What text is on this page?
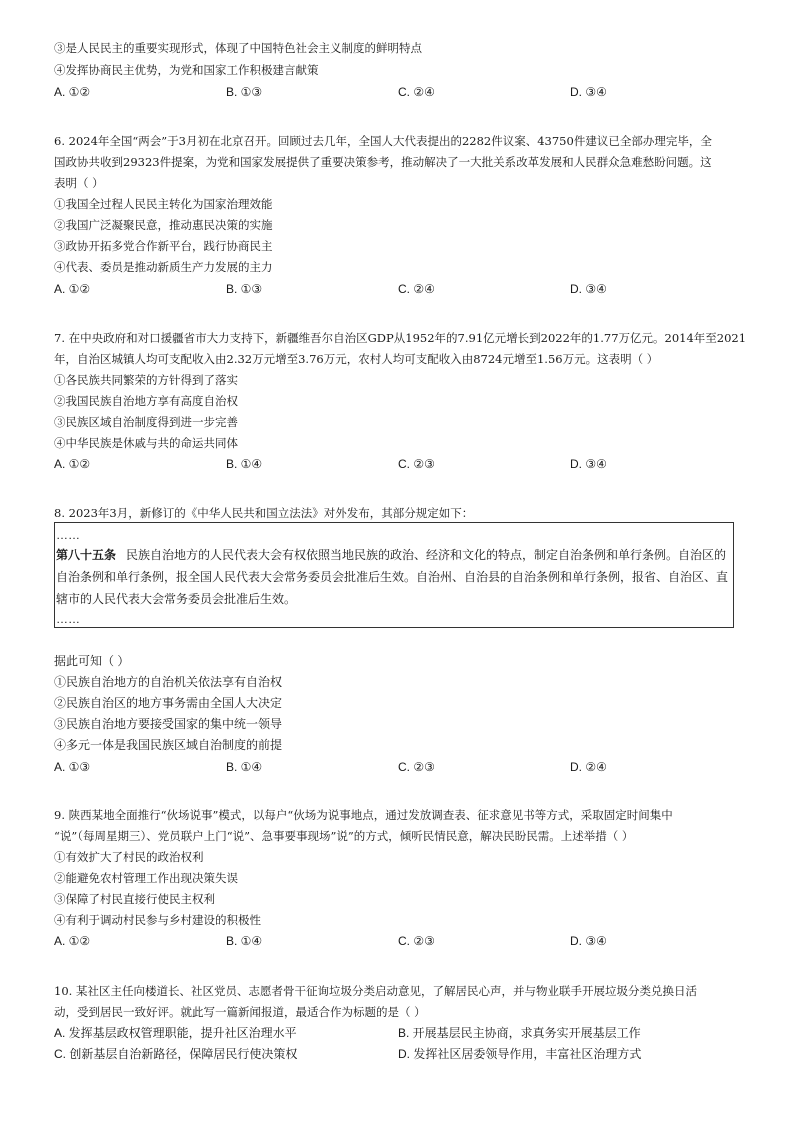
③是人民民主的重要实现形式，体现了中国特色社会主义制度的鲜明特点
④发挥协商民主优势，为党和国家工作积极建言献策
A. ①②	B. ①③	C. ②④	D. ③④
6. 2024年全国“两会”于3月初在北京召开。回顾过去几年，全国人大代表提出的2282件议案、43750件建议已全部办理完毕，全
国政协共收到29323件提案，为党和国家发展提供了重要决策参考，推动解决了一大批关系改革发展和人民群众急难愁盼问题。这
表明（ ）
①我国全过程人民民主转化为国家治理效能
②我国广泛凝聚民意，推动惠民决策的实施
③政协开拓多党合作新平台，践行协商民主
④代表、委员是推动新质生产力发展的主力
A. ①②	B. ①③	C. ②④	D. ③④
7. 在中央政府和对口援疆省市大力支持下，新疆维吾尔自治区GDP从1952年的7.91亿元增长到2022年的1.77万亿元。2014年至2021
年，自治区城镇人均可支配收入由2.32万元增至3.76万元，农村人均可支配收入由8724元增至1.56万元。这表明（ ）
①各民族共同繁荣的方针得到了落实
②我国民族自治地方享有高度自治权
③民族区域自治制度得到进一步完善
④中华民族是休戚与共的命运共同体
A. ①②	B. ①④	C. ②③	D. ③④
8. 2023年3月，新修订的《中华人民共和国立法法》对外发布，其部分规定如下：
……
第八十五条 民族自治地方的人民代表大会有权依照当地民族的政治、经济和文化的特点，制定自治条例和单行条例。自治区的
自治条例和单行条例，报全国人民代表大会常务委员会批准后生效。自治州、自治县的自治条例和单行条例，报省、自治区、直
辖市的人民代表大会常务委员会批准后生效。
……
据此可知（ ）
①民族自治地方的自治机关依法享有自治权
②民族自治区的地方事务需由全国人大决定
③民族自治地方要接受国家的集中统一领导
④多元一体是我国民族区域自治制度的前提
A. ①③	B. ①④	C. ②③	D. ②④
9. 陕西某地全面推行“伙场说事”模式，以每户“伙场为说事地点，通过发放调查表、征求意见书等方式，采取固定时间集中
“说”（每周星期三）、党员联户上门“说”、急事要事现场”说”的方式，倾听民情民意，解决民盼民需。上述举措（ ）
①有效扩大了村民的政治权利
②能避免农村管理工作出现决策失误
③保障了村民直接行使民主权利
④有利于调动村民参与乡村建设的积极性
A. ①②	B. ①④	C. ②③	D. ③④
10. 某社区主任向楼道长、社区党员、志愿者骨干征询垃圾分类启动意见，了解居民心声，并与物业联手开展垃圾分类兑换日活
动，受到居民一致好评。就此写一篇新闻报道，最适合作为标题的是（ ）
A. 发挥基层政权管理职能，提升社区治理水平	B. 开展基层民主协商，求真务实开展基层工作
C. 创新基层自治新路径，保障居民行使决策权	D. 发挥社区居委领导作用，丰富社区治理方式
